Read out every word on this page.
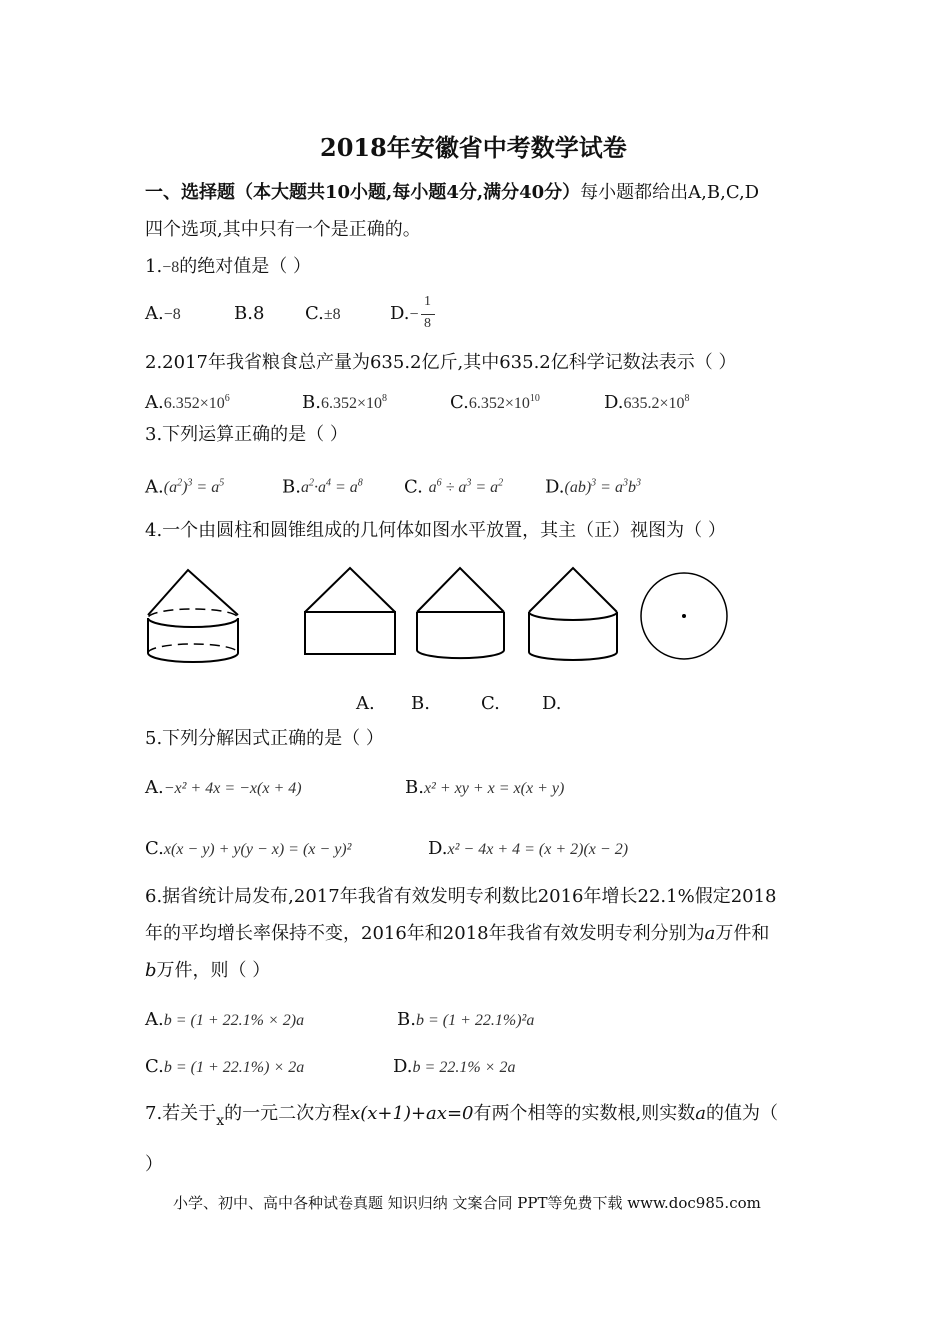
2018年安徽省中考数学试卷
一、选择题（本大题共10小题,每小题4分,满分40分）每小题都给出A,B,C,D
四个选项,其中只有一个是正确的。
1.−8的绝对值是（ ）
A.−8	B.8 C.±8	D.−
1
8
2.2017年我省粮食总产量为635.2亿斤,其中635.2亿科学记数法表示（ ）
$A.6.352\times 10^6$	$B.6.352\times 10^8$	$C.6.352\times 10^{10}$	$D.635.2\times 10^8$
3.下列运算正确的是（ ）
$A.(a^2)^3 = a^5$	$B.a^2\cdot a^4 = a^8$ C. $a^6 \div a^3 = a^2$ $D.(ab)^3 = a^3b^3$
4.一个由圆柱和圆锥组成的几何体如图水平放置，其主（正）视图为（ ）
A. B.	C. D.
5.下列分解因式正确的是（ ）
A.−x² + 4x = −x(x + 4)	B.x² + xy + x = x(x + y)
C.x(x − y) + y(y − x) = (x − y)²	D.x² − 4x + 4 = (x + 2)(x − 2)
6.据省统计局发布,2017年我省有效发明专利数比2016年增长22.1%假定2018
年的平均增长率保持不变，2016年和2018年我省有效发明专利分别为a万件和
b万件，则（ ）
A.b = (1 + 22.1% × 2)a	B.b = (1 + 22.1%)²a
C.b = (1 + 22.1%) × 2a	D.b = 22.1% × 2a
7.若关于$_x$的一元二次方程x(x+1)+ax=0有两个相等的实数根,则实数a的值为（
）
小学、初中、高中各种试卷真题 知识归纳 文案合同 PPT等免费下载 www.doc985.com
